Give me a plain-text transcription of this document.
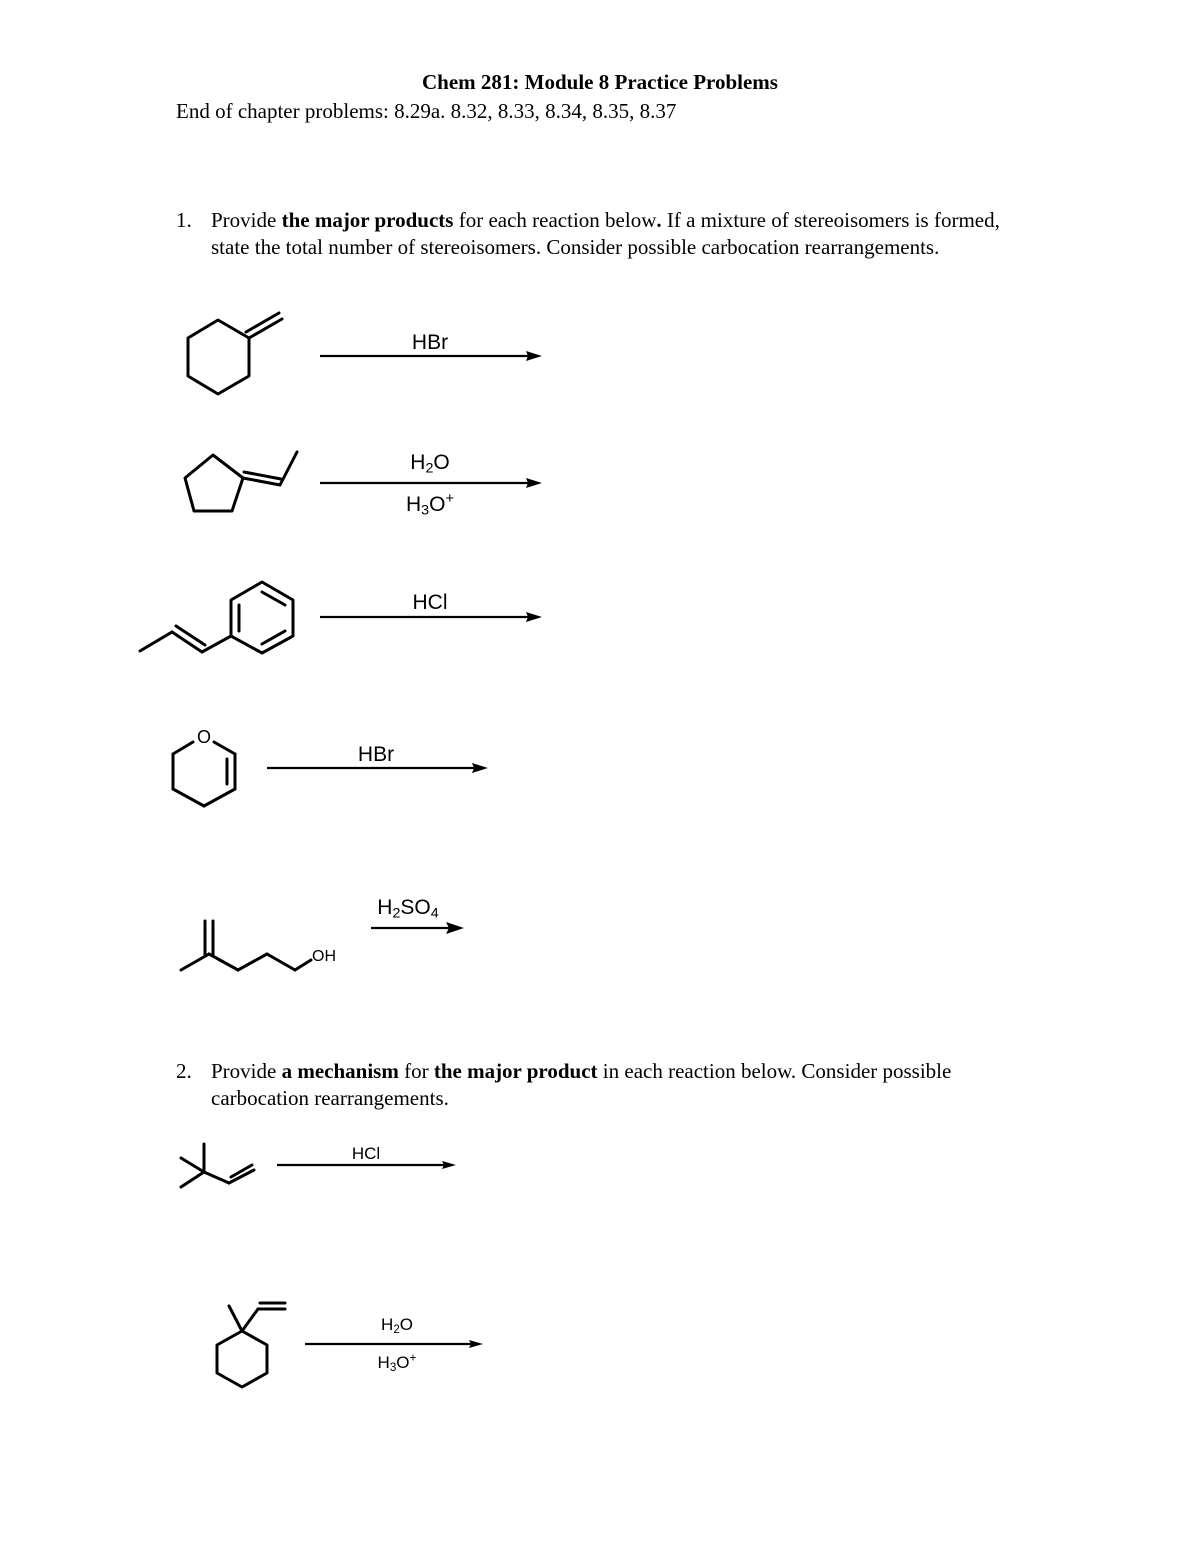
Chem 281: Module 8 Practice Problems
End of chapter problems: 8.29a. 8.32, 8.33, 8.34, 8.35, 8.37
1. Provide the major products for each reaction below. If a mixture of stereoisomers is formed, state the total number of stereoisomers. Consider possible carbocation rearrangements.
HBr
$H_2O$
$H_3O^+$
HCl
O
HBr
OH
$H_2SO_4$
2. Provide a mechanism for the major product in each reaction below. Consider possible carbocation rearrangements.
HCl
$H_2O$
$H_3O^+$
